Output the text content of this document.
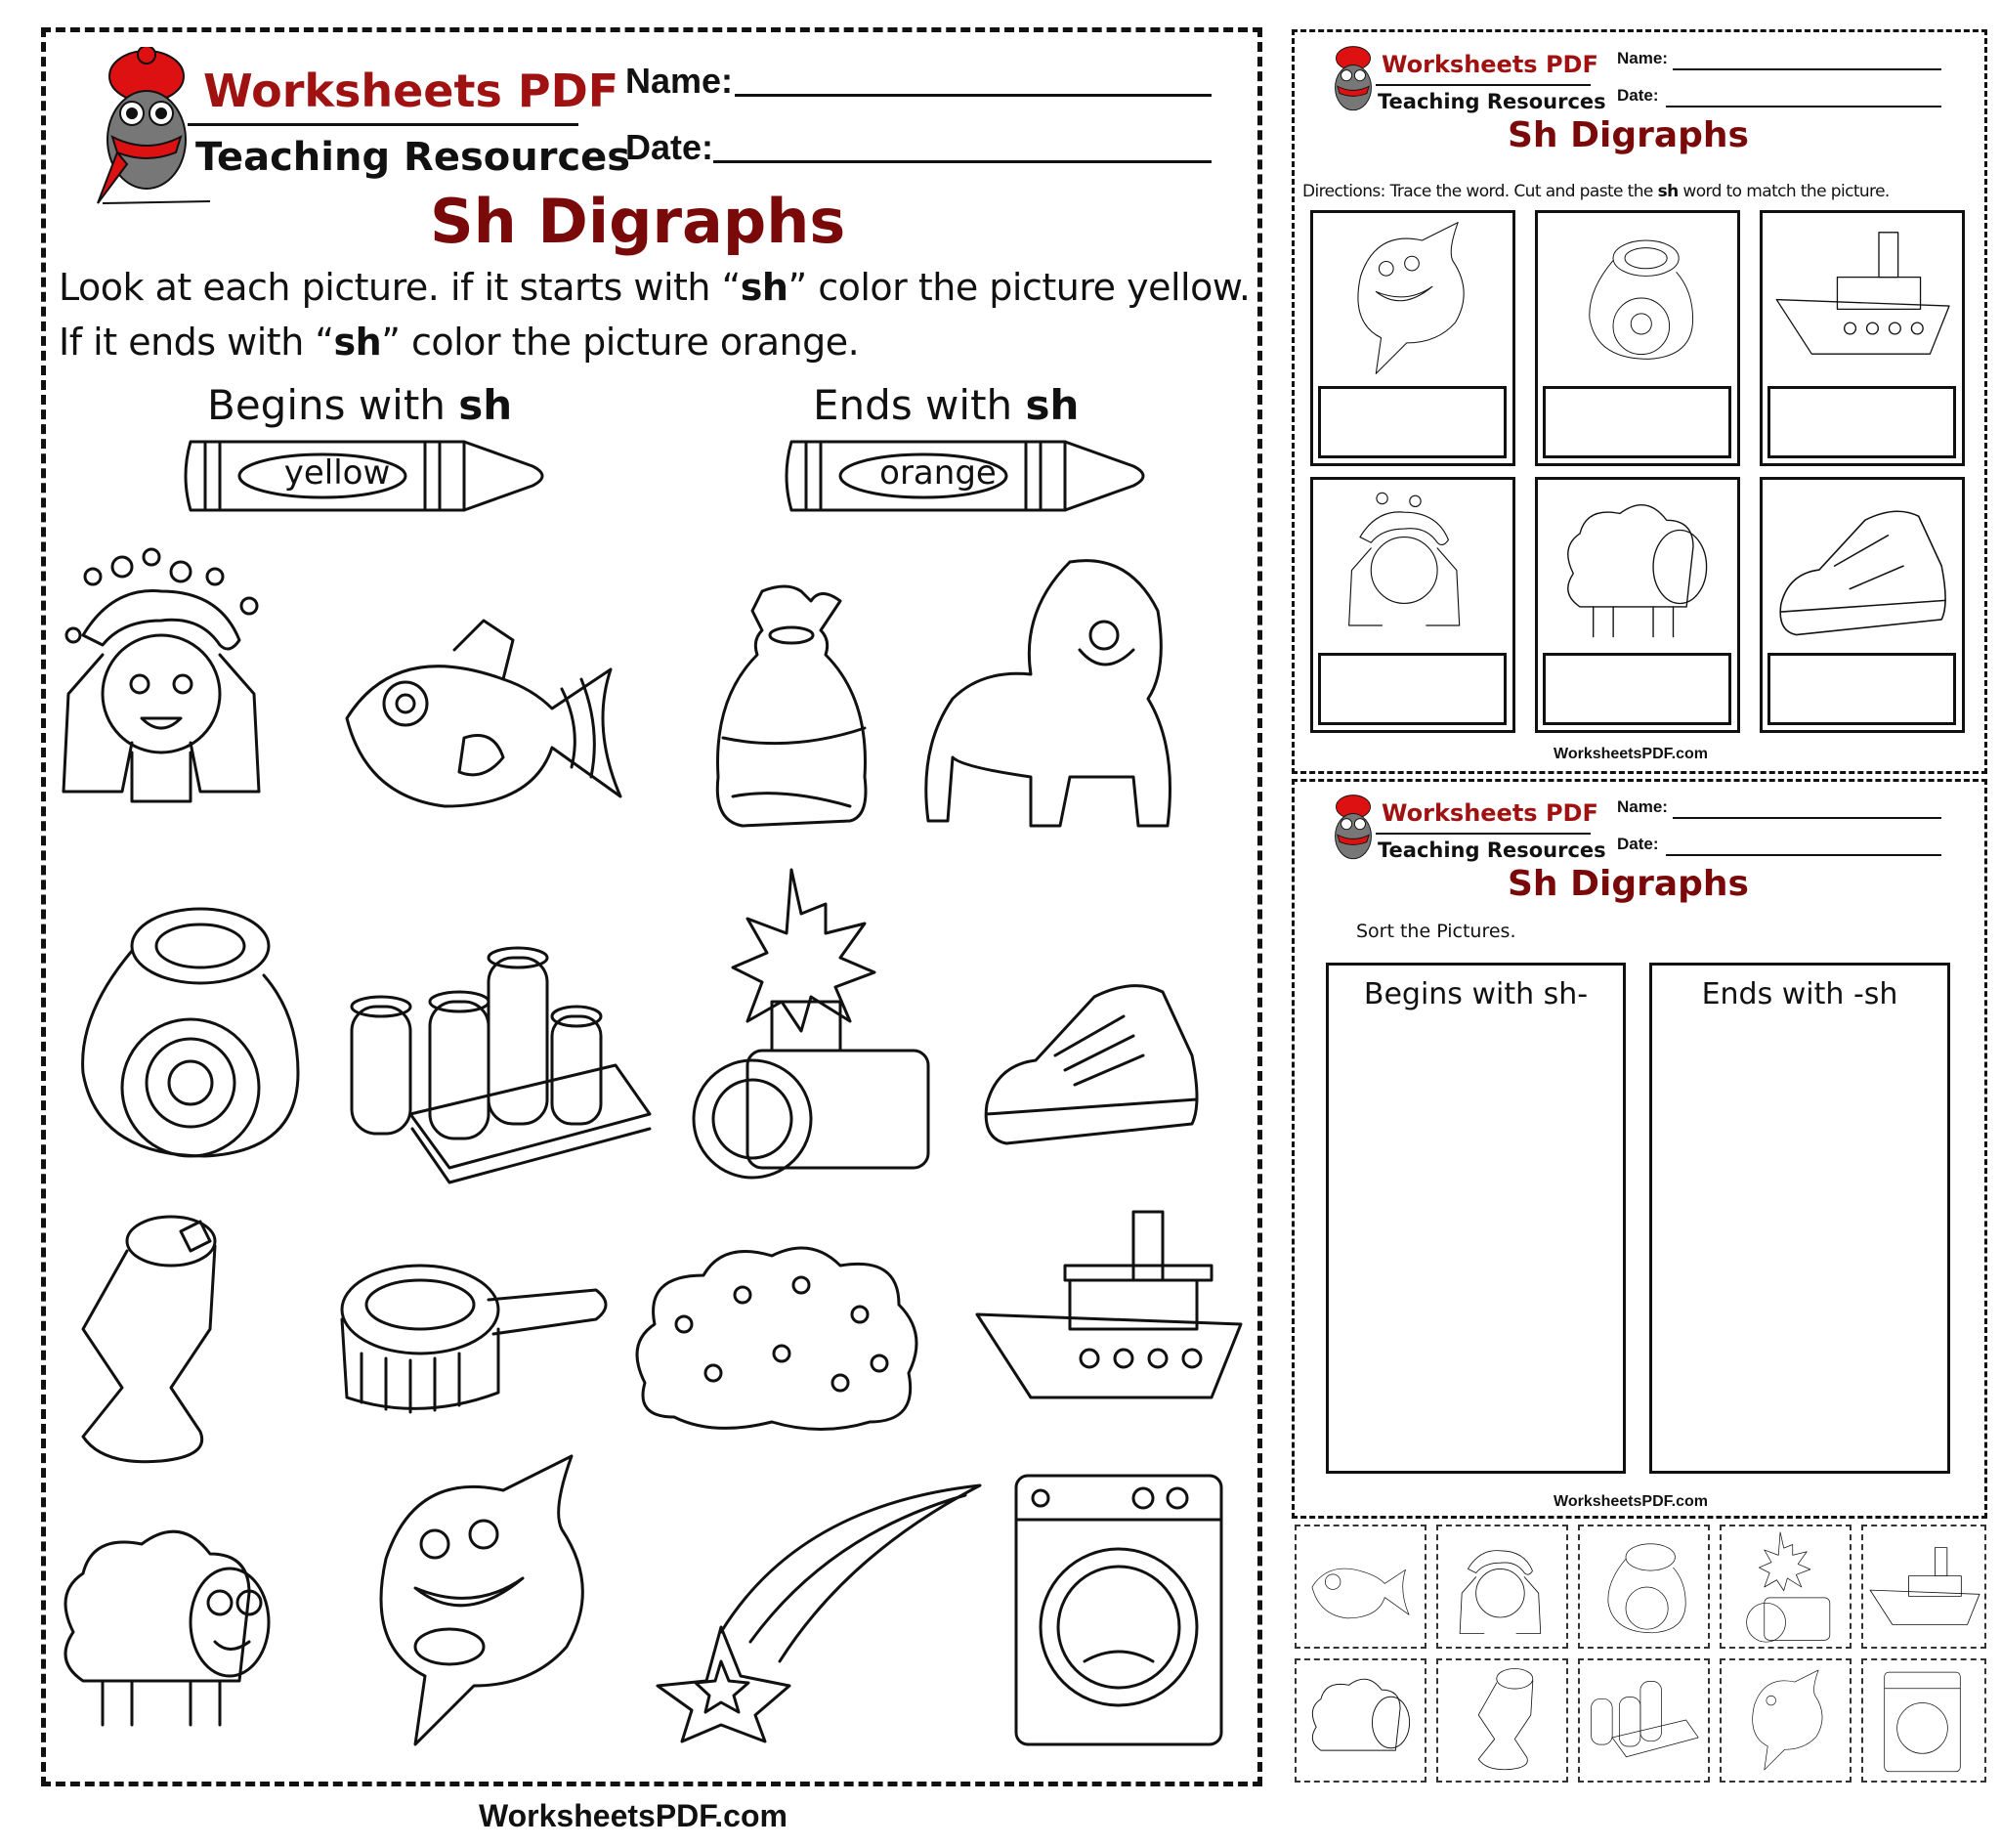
Worksheets PDF
Teaching Resources
Name:
Date:
Sh Digraphs
Look at each picture. if it starts with “sh” color the picture yellow.
If it ends with “sh” color the picture orange.
Begins with sh	Ends with sh
yellow	orange
WorksheetsPDF.com
Worksheets PDF
Teaching Resources
Name:
Date:
Sh Digraphs
Directions: Trace the word. Cut and paste the sh word to match the picture.
WorksheetsPDF.com
Worksheets PDF
Teaching Resources
Name:
Date:
Sh Digraphs
Sort the Pictures.
Begins with sh-	Ends with -sh
WorksheetsPDF.com
